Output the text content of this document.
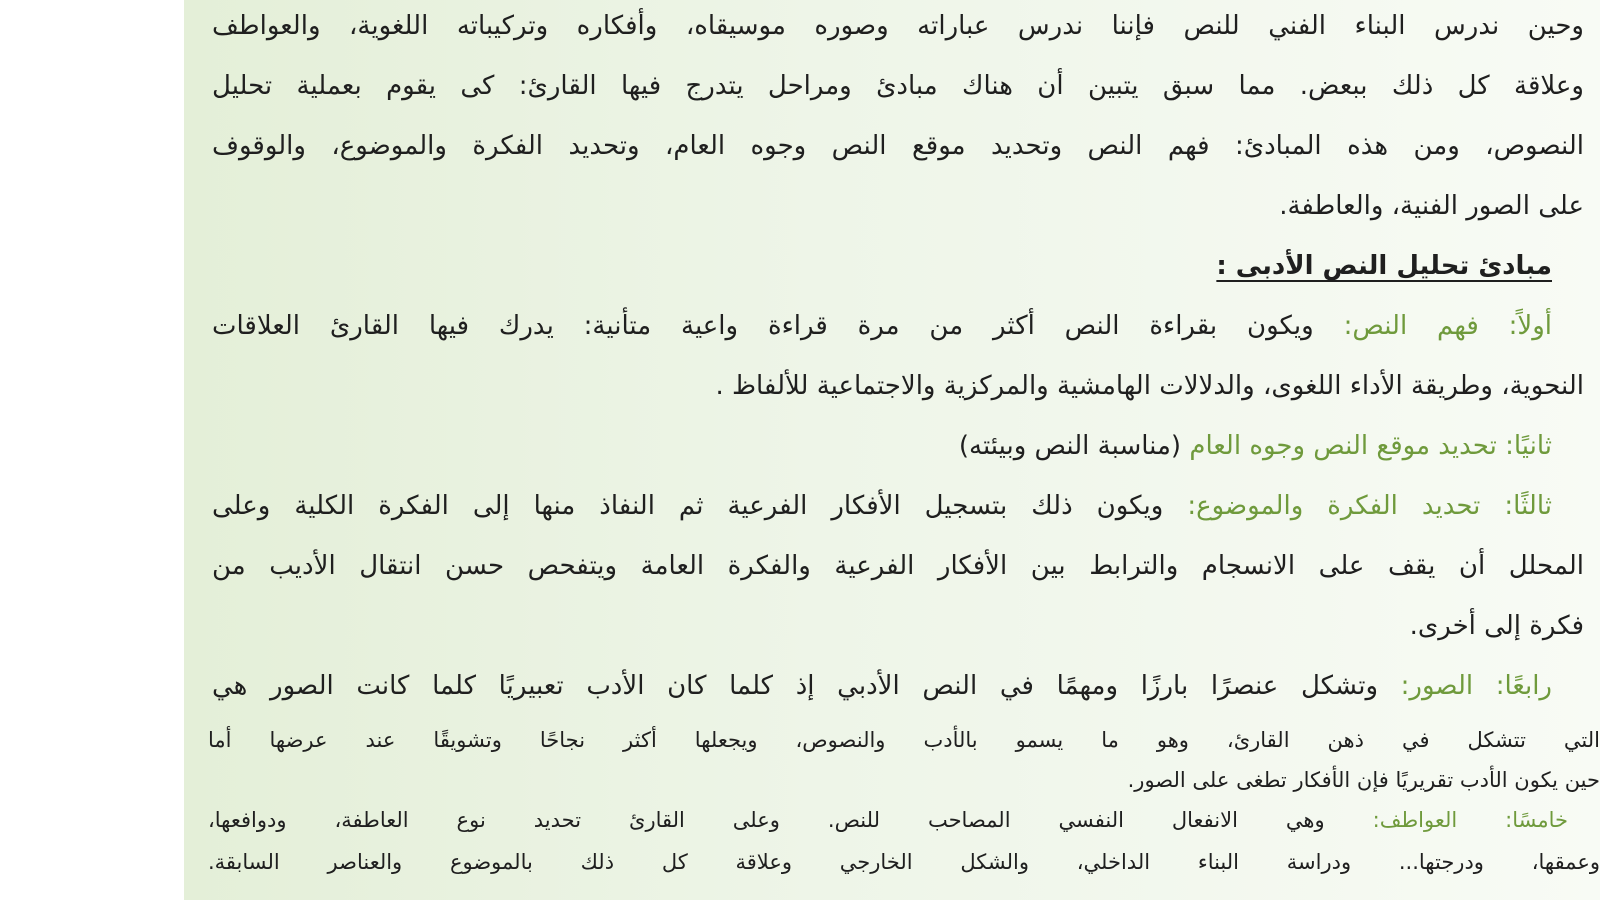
وحين ندرس البناء الفني للنص فإننا ندرس عباراته وصوره موسيقاه، وأفكاره وتركيباته اللغوية، والعواطف
وعلاقة كل ذلك ببعض. مما سبق يتبين أن هناك مبادئ ومراحل يتدرج فيها القارئ: كى يقوم بعملية تحليل
النصوص، ومن هذه المبادئ: فهم النص وتحديد موقع النص وجوه العام، وتحديد الفكرة والموضوع، والوقوف
على الصور الفنية، والعاطفة.
مبادئ تحليل النص الأدبى :
أولاً: فهم النص: ويكون بقراءة النص أكثر من مرة قراءة واعية متأنية: يدرك فيها القارئ العلاقات
النحوية، وطريقة الأداء اللغوى، والدلالات الهامشية والمركزية والاجتماعية للألفاظ .
ثانيًا: تحديد موقع النص وجوه العام (مناسبة النص وبيئته)
ثالثًا: تحديد الفكرة والموضوع: ويكون ذلك بتسجيل الأفكار الفرعية ثم النفاذ منها إلى الفكرة الكلية وعلى
المحلل أن يقف على الانسجام والترابط بين الأفكار الفرعية والفكرة العامة ويتفحص حسن انتقال الأديب من
فكرة إلى أخرى.
رابعًا: الصور: وتشكل عنصرًا بارزًا ومهمًا في النص الأدبي إذ كلما كان الأدب تعبيريًا كلما كانت الصور هي
التي تتشكل في ذهن القارئ، وهو ما يسمو بالأدب والنصوص، ويجعلها أكثر نجاحًا وتشويقًا عند عرضها أما
حين يكون الأدب تقريريًا فإن الأفكار تطغى على الصور.
خامسًا: العواطف: وهي الانفعال النفسي المصاحب للنص. وعلى القارئ تحديد نوع العاطفة، ودوافعها،
وعمقها، ودرجتها... ودراسة البناء الداخلي، والشكل الخارجي وعلاقة كل ذلك بالموضوع والعناصر السابقة.
